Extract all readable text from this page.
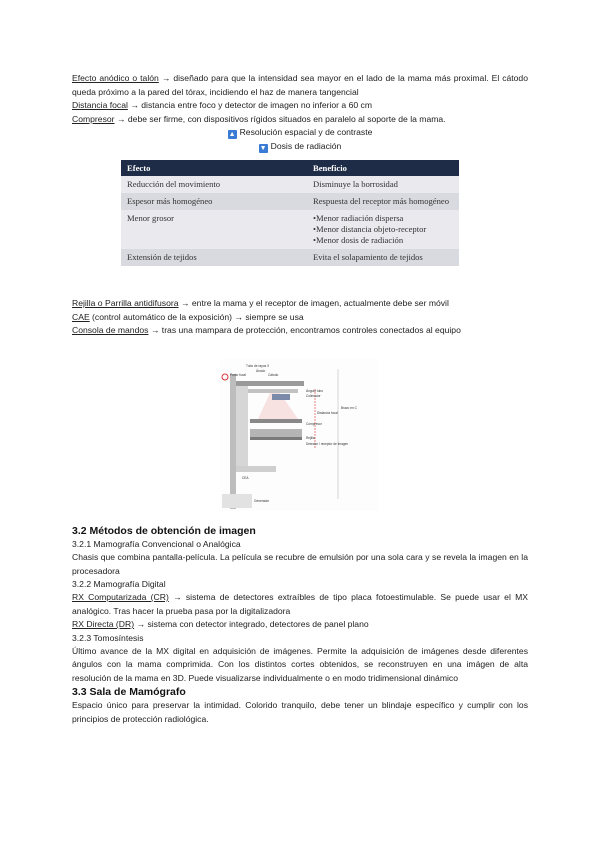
Efecto anódico o talón → diseñado para que la intensidad sea mayor en el lado de la mama más proximal. El cátodo queda próximo a la pared del tórax, incidiendo el haz de manera tangencial

Distancia focal → distancia entre foco y detector de imagen no inferior a 60 cm

Compresor → debe ser firme, con dispositivos rígidos situados en paralelo al soporte de la mama.

▲ Resolución espacial y de contraste

▼ Dosis de radiación

Efecto	Beneficio
Reducción del movimiento	Disminuye la borrosidad
Espesor más homogéneo	Respuesta del receptor más homogéneo
Menor grosor	•Menor radiación dispersa
•Menor distancia objeto-receptor
•Menor dosis de radiación

Extensión de tejidos	Evita el solapamiento de tejidos

Rejilla o Parrilla antidifusora → entre la mama y el receptor de imagen, actualmente debe ser móvil

CAE (control automático de la exposición) → siempre se usa

Consola de mandos → tras una mampara de protección, encontramos controles conectados al equipo

Tubo de rayos X
Ánodo
Cátodo
Punto focal
Ángulo tubo
Colimador
Distancia focal
Brazo en C
Compresor
Rejilla
Detector / receptor de imagen
CEA
Generador
3.2 Métodos de obtención de imagen

3.2.1 Mamografía Convencional o Analógica

Chasis que combina pantalla-película. La película se recubre de emulsión por una sola cara y se revela la imagen en la procesadora

3.2.2 Mamografía Digital

RX Computarizada (CR) → sistema de detectores extraíbles de tipo placa fotoestimulable. Se puede usar el MX analógico. Tras hacer la prueba pasa por la digitalizadora

RX Directa (DR) → sistema con detector integrado, detectores de panel plano

3.2.3 Tomosíntesis

Último avance de la MX digital en adquisición de imágenes. Permite la adquisición de imágenes desde diferentes ángulos con la mama comprimida. Con los distintos cortes obtenidos, se reconstruyen en una imágen de alta resolución de la mama en 3D. Puede visualizarse individualmente o en modo tridimensional dinámico

3.3 Sala de Mamógrafo

Espacio único para preservar la intimidad. Colorido tranquilo, debe tener un blindaje específico y cumplir con los principios de protección radiológica.
